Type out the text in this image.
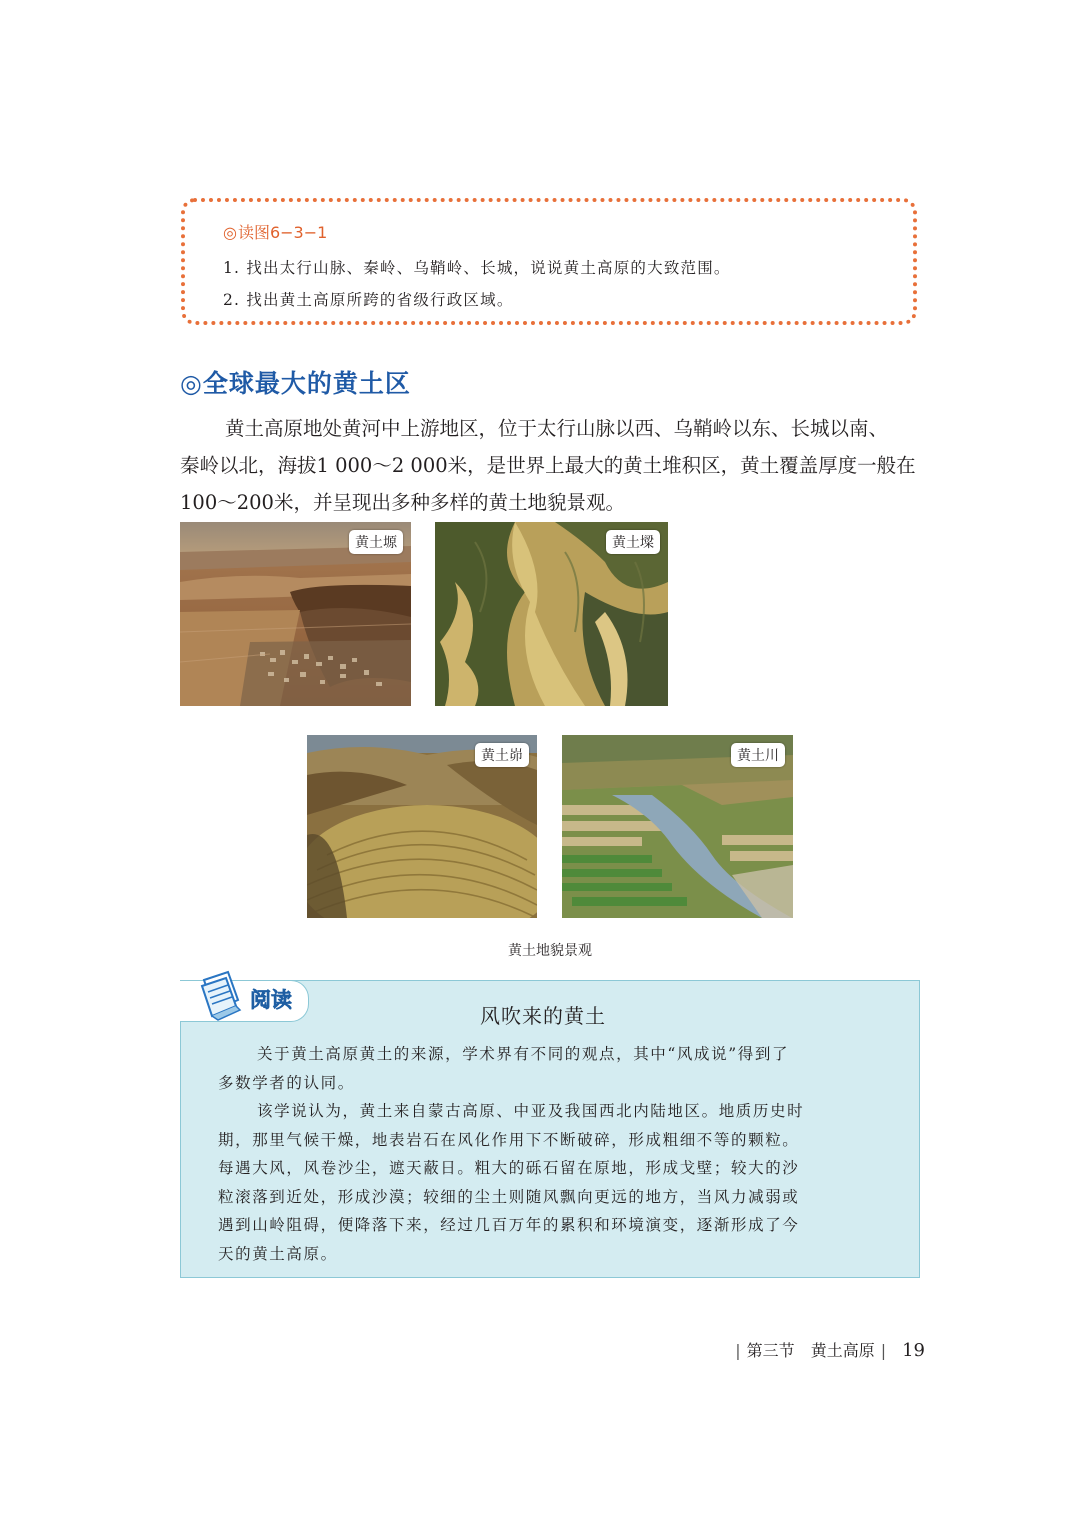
◎读图6−3−1
1. 找出太行山脉、秦岭、乌鞘岭、长城，说说黄土高原的大致范围。
2. 找出黄土高原所跨的省级行政区域。
◎全球最大的黄土区
黄土高原地处黄河中上游地区，位于太行山脉以西、乌鞘岭以东、长城以南、
秦岭以北，海拔1 000～2 000米，是世界上最大的黄土堆积区，黄土覆盖厚度一般在
100～200米，并呈现出多种多样的黄土地貌景观。
黄土塬	黄土墚
黄土峁	黄土川
黄土地貌景观
阅读
风吹来的黄土
关于黄土高原黄土的来源，学术界有不同的观点，其中“风成说”得到了
多数学者的认同。
该学说认为，黄土来自蒙古高原、中亚及我国西北内陆地区。地质历史时
期，那里气候干燥，地表岩石在风化作用下不断破碎，形成粗细不等的颗粒。
每遇大风，风卷沙尘，遮天蔽日。粗大的砾石留在原地，形成戈壁；较大的沙
粒滚落到近处，形成沙漠；较细的尘土则随风飘向更远的地方，当风力减弱或
遇到山岭阻碍，便降落下来，经过几百万年的累积和环境演变，逐渐形成了今
天的黄土高原。
| 第三节 黄土高原 | 19
